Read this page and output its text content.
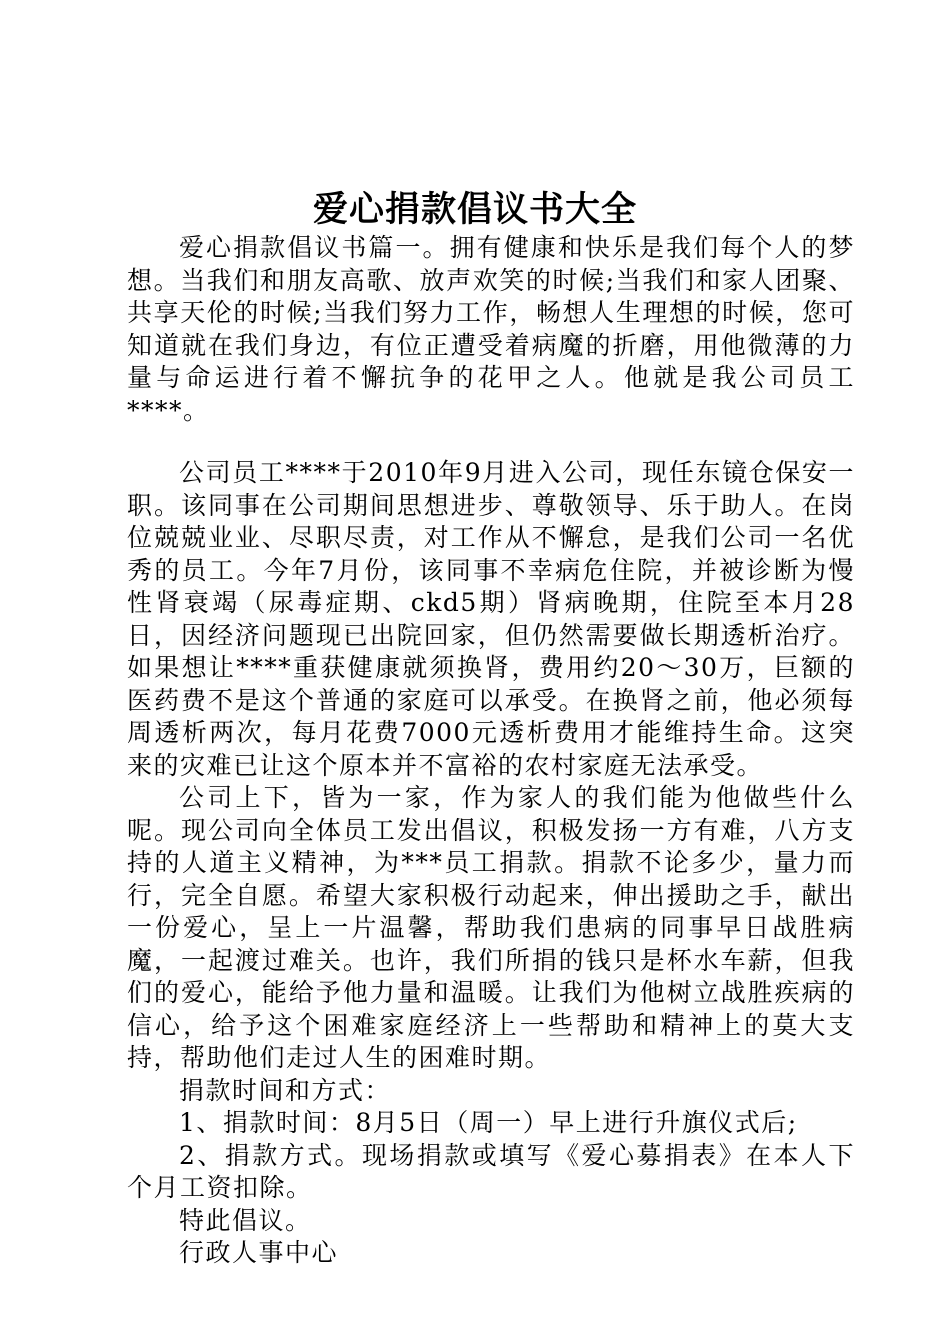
爱心捐款倡议书大全

爱心捐款倡议书篇一。拥有健康和快乐是我们每个人的梦想。当我们和朋友高歌、放声欢笑的时候;当我们和家人团聚、共享天伦的时候;当我们努力工作，畅想人生理想的时候，您可知道就在我们身边，有位正遭受着病魔的折磨，用他微薄的力量与命运进行着不懈抗争的花甲之人。他就是我公司员工****。

公司员工****于2010年9月进入公司，现任东镜仓保安一职。该同事在公司期间思想进步、尊敬领导、乐于助人。在岗位兢兢业业、尽职尽责，对工作从不懈怠，是我们公司一名优秀的员工。今年7月份，该同事不幸病危住院，并被诊断为慢性肾衰竭（尿毒症期、ckd5期）肾病晚期，住院至本月28日，因经济问题现已出院回家，但仍然需要做长期透析治疗。如果想让****重获健康就须换肾，费用约20～30万，巨额的医药费不是这个普通的家庭可以承受。在换肾之前，他必须每周透析两次，每月花费7000元透析费用才能维持生命。这突来的灾难已让这个原本并不富裕的农村家庭无法承受。

公司上下，皆为一家，作为家人的我们能为他做些什么呢。现公司向全体员工发出倡议，积极发扬一方有难，八方支持的人道主义精神，为***员工捐款。捐款不论多少，量力而行，完全自愿。希望大家积极行动起来，伸出援助之手，献出一份爱心，呈上一片温馨，帮助我们患病的同事早日战胜病魔，一起渡过难关。也许，我们所捐的钱只是杯水车薪，但我们的爱心，能给予他力量和温暖。让我们为他树立战胜疾病的信心，给予这个困难家庭经济上一些帮助和精神上的莫大支持，帮助他们走过人生的困难时期。

捐款时间和方式：

1、捐款时间：8月5日（周一）早上进行升旗仪式后;

2、捐款方式。现场捐款或填写《爱心募捐表》在本人下个月工资扣除。

特此倡议。

行政人事中心
